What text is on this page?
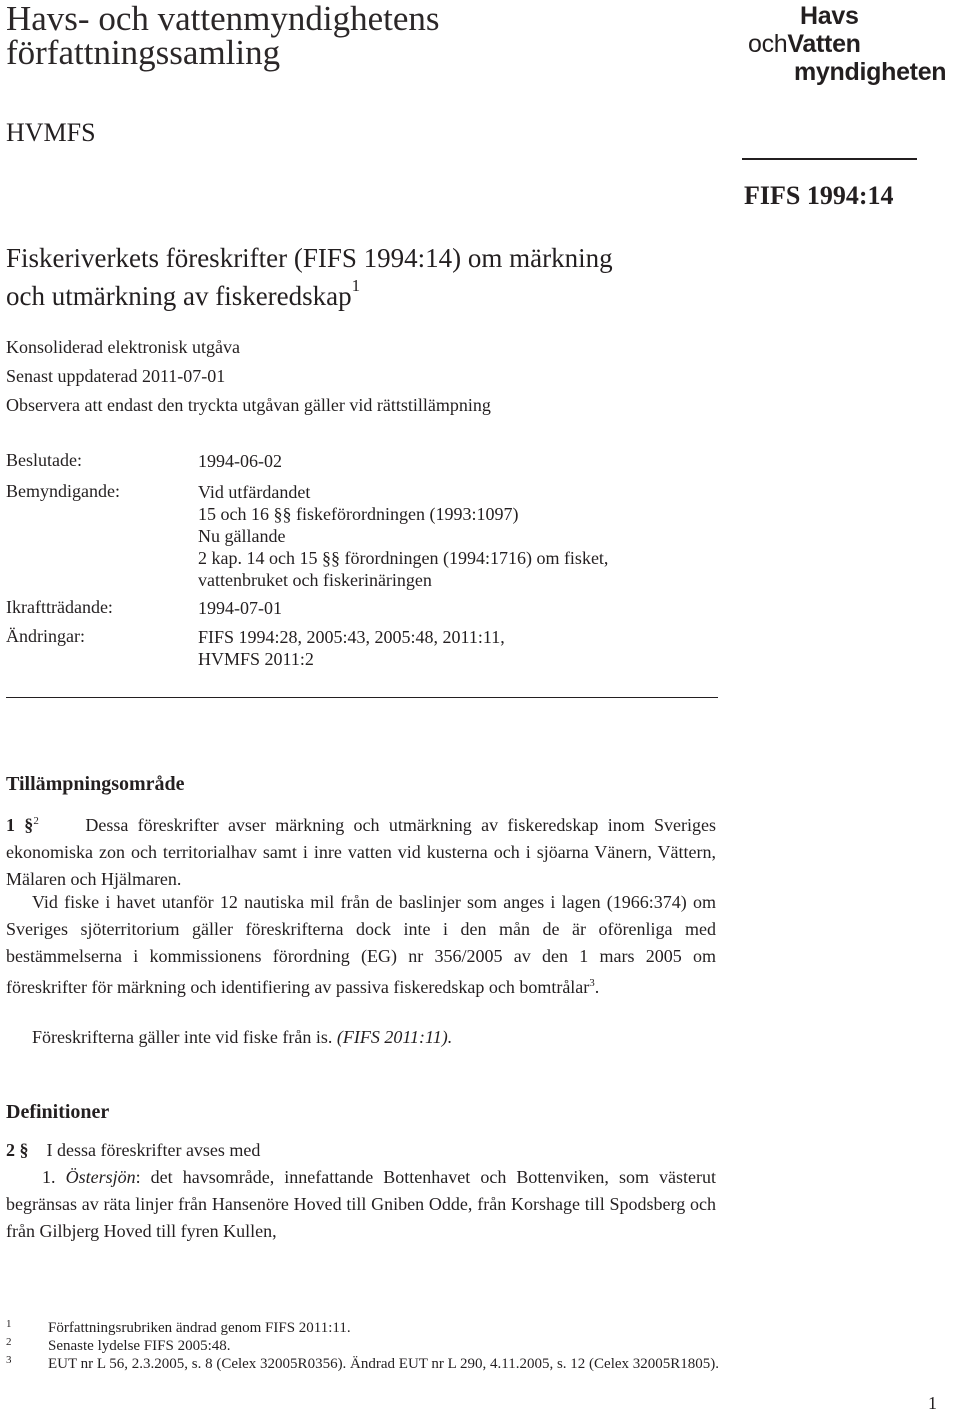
Havs- och vattenmyndighetens
författningssamling
HVMFS
Havs
ochVatten
myndigheten
FIFS 1994:14
Fiskeriverkets föreskrifter (FIFS 1994:14) om märkning
och utmärkning av fiskeredskap$^1$
Konsoliderad elektronisk utgåva
Senast uppdaterad 2011-07-01
Observera att endast den tryckta utgåvan gäller vid rättstillämpning
Beslutade:	1994-06-02
Bemyndigande:	Vid utfärdandet
15 och 16 §§ fiskeförordningen (1993:1097)
Nu gällande
2 kap. 14 och 15 §§ förordningen (1994:1716) om fisket,
vattenbruket och fiskerinäringen
Ikraftträdande:	1994-07-01
Ändringar:	FIFS 1994:28, 2005:43, 2005:48, 2011:11,
HVMFS 2011:2
Tillämpningsområde
1 §$^2$	Dessa föreskrifter avser märkning och utmärkning av fiskeredskap inom Sveriges ekonomiska zon och territorialhav samt i inre vatten vid kusterna och i sjöarna Vänern, Vättern, Mälaren och Hjälmaren.
Vid fiske i havet utanför 12 nautiska mil från de baslinjer som anges i lagen (1966:374) om Sveriges sjöterritorium gäller föreskrifterna dock inte i den mån de är oförenliga med bestämmelserna i kommissionens förordning (EG) nr 356/2005 av den 1 mars 2005 om föreskrifter för märkning och identifiering av passiva fiskeredskap och bomtrålar$^3$.
Föreskrifterna gäller inte vid fiske från is. (FIFS 2011:11).
Definitioner
2 § I dessa föreskrifter avses med
1. Östersjön: det havsområde, innefattande Bottenhavet och Bottenviken, som västerut begränsas av räta linjer från Hansenöre Hoved till Gniben Odde, från Korshage till Spodsberg och från Gilbjerg Hoved till fyren Kullen,
1 Författningsrubriken ändrad genom FIFS 2011:11.
2 Senaste lydelse FIFS 2005:48.
3 EUT nr L 56, 2.3.2005, s. 8 (Celex 32005R0356). Ändrad EUT nr L 290, 4.11.2005, s. 12 (Celex 32005R1805).
1
